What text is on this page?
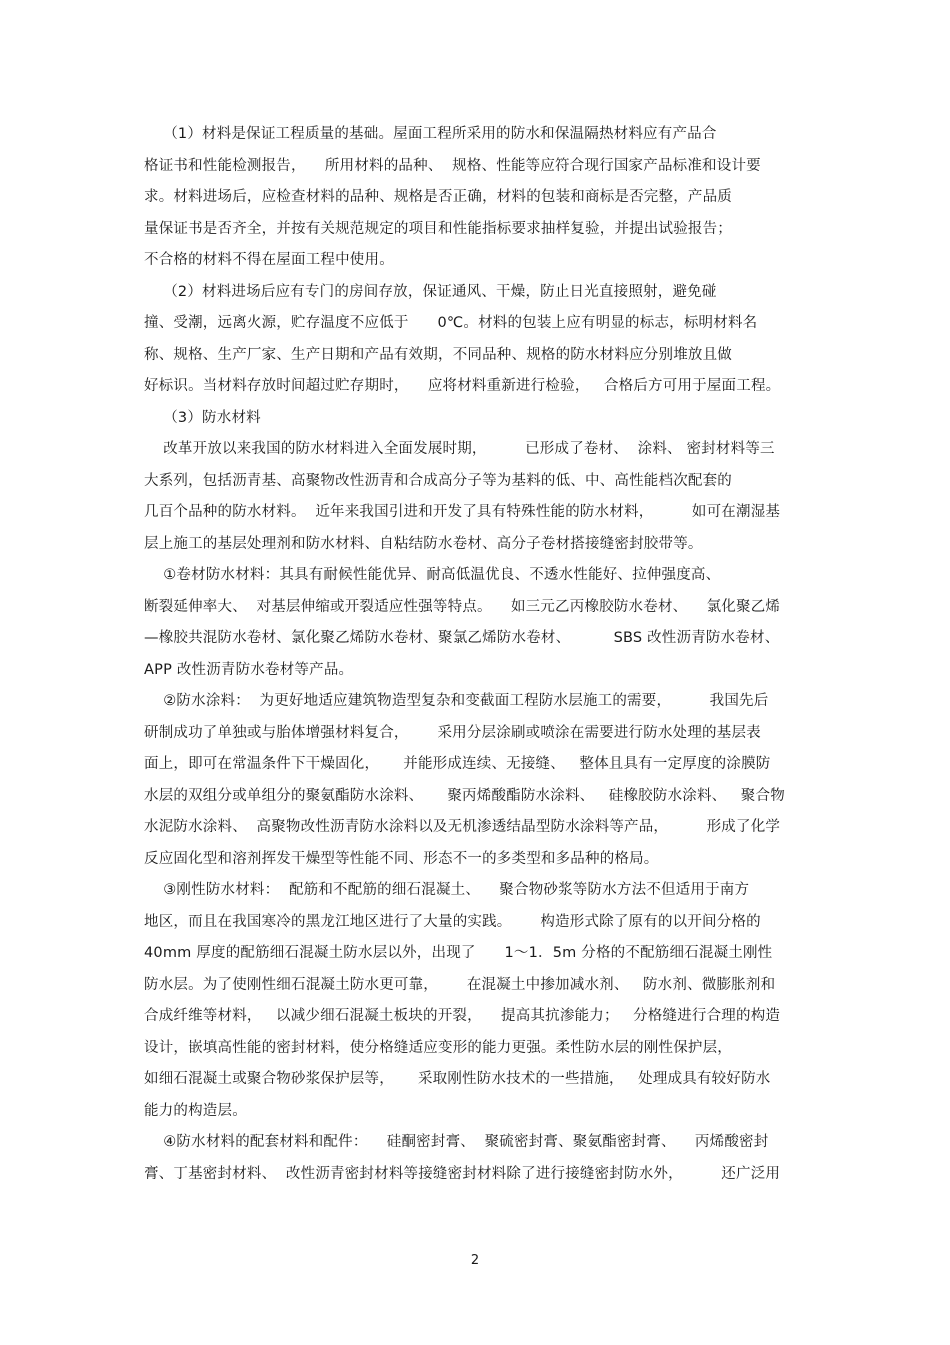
（1）材料是保证工程质量的基础。屋面工程所采用的防水和保温隔热材料应有产品合
格证书和性能检测报告，    所用材料的品种、  规格、性能等应符合现行国家产品标准和设计要
求。材料进场后，应检查材料的品种、规格是否正确，材料的包装和商标是否完整，产品质
量保证书是否齐全，并按有关规范规定的项目和性能指标要求抽样复验，并提出试验报告；
不合格的材料不得在屋面工程中使用。
（2）材料进场后应有专门的房间存放，保证通风、干燥，防止日光直接照射，避免碰
撞、受潮，远离火源，贮存温度不应低于      0℃。材料的包装上应有明显的标志，标明材料名
称、规格、生产厂家、生产日期和产品有效期，不同品种、规格的防水材料应分别堆放且做
好标识。当材料存放时间超过贮存期时，    应将材料重新进行检验，   合格后方可用于屋面工程。
（3）防水材料
改革开放以来我国的防水材料进入全面发展时期，        已形成了卷材、  涂料、 密封材料等三
大系列，包括沥青基、高聚物改性沥青和合成高分子等为基料的低、中、高性能档次配套的
几百个品种的防水材料。  近年来我国引进和开发了具有特殊性能的防水材料，        如可在潮湿基
层上施工的基层处理剂和防水材料、自粘结防水卷材、高分子卷材搭接缝密封胶带等。
①卷材防水材料：其具有耐候性能优异、耐高低温优良、不透水性能好、拉伸强度高、
断裂延伸率大、  对基层伸缩或开裂适应性强等特点。    如三元乙丙橡胶防水卷材、    氯化聚乙烯
—橡胶共混防水卷材、氯化聚乙烯防水卷材、聚氯乙烯防水卷材、         SBS 改性沥青防水卷材、
APP 改性沥青防水卷材等产品。
②防水涂料：  为更好地适应建筑物造型复杂和变截面工程防水层施工的需要，        我国先后
研制成功了单独或与胎体增强材料复合，      采用分层涂刷或喷涂在需要进行防水处理的基层表
面上，即可在常温条件下干燥固化，     并能形成连续、无接缝、   整体且具有一定厚度的涂膜防
水层的双组分或单组分的聚氨酯防水涂料、     聚丙烯酸酯防水涂料、   硅橡胶防水涂料、   聚合物
水泥防水涂料、  高聚物改性沥青防水涂料以及无机渗透结晶型防水涂料等产品，        形成了化学
反应固化型和溶剂挥发干燥型等性能不同、形态不一的多类型和多品种的格局。
③刚性防水材料：  配筋和不配筋的细石混凝土、    聚合物砂浆等防水方法不但适用于南方
地区，而且在我国寒冷的黑龙江地区进行了大量的实践。      构造形式除了原有的以开间分格的
40mm 厚度的配筋细石混凝土防水层以外，出现了      1～1．5m 分格的不配筋细石混凝土刚性
防水层。为了使刚性细石混凝土防水更可靠，      在混凝土中掺加减水剂、   防水剂、微膨胀剂和
合成纤维等材料，   以减少细石混凝土板块的开裂，    提高其抗渗能力；   分格缝进行合理的构造
设计，嵌填高性能的密封材料，使分格缝适应变形的能力更强。柔性防水层的刚性保护层，
如细石混凝土或聚合物砂浆保护层等，     采取刚性防水技术的一些措施，   处理成具有较好防水
能力的构造层。
④防水材料的配套材料和配件：    硅酮密封膏、  聚硫密封膏、聚氨酯密封膏、    丙烯酸密封
膏、丁基密封材料、  改性沥青密封材料等接缝密封材料除了进行接缝密封防水外，        还广泛用
2
